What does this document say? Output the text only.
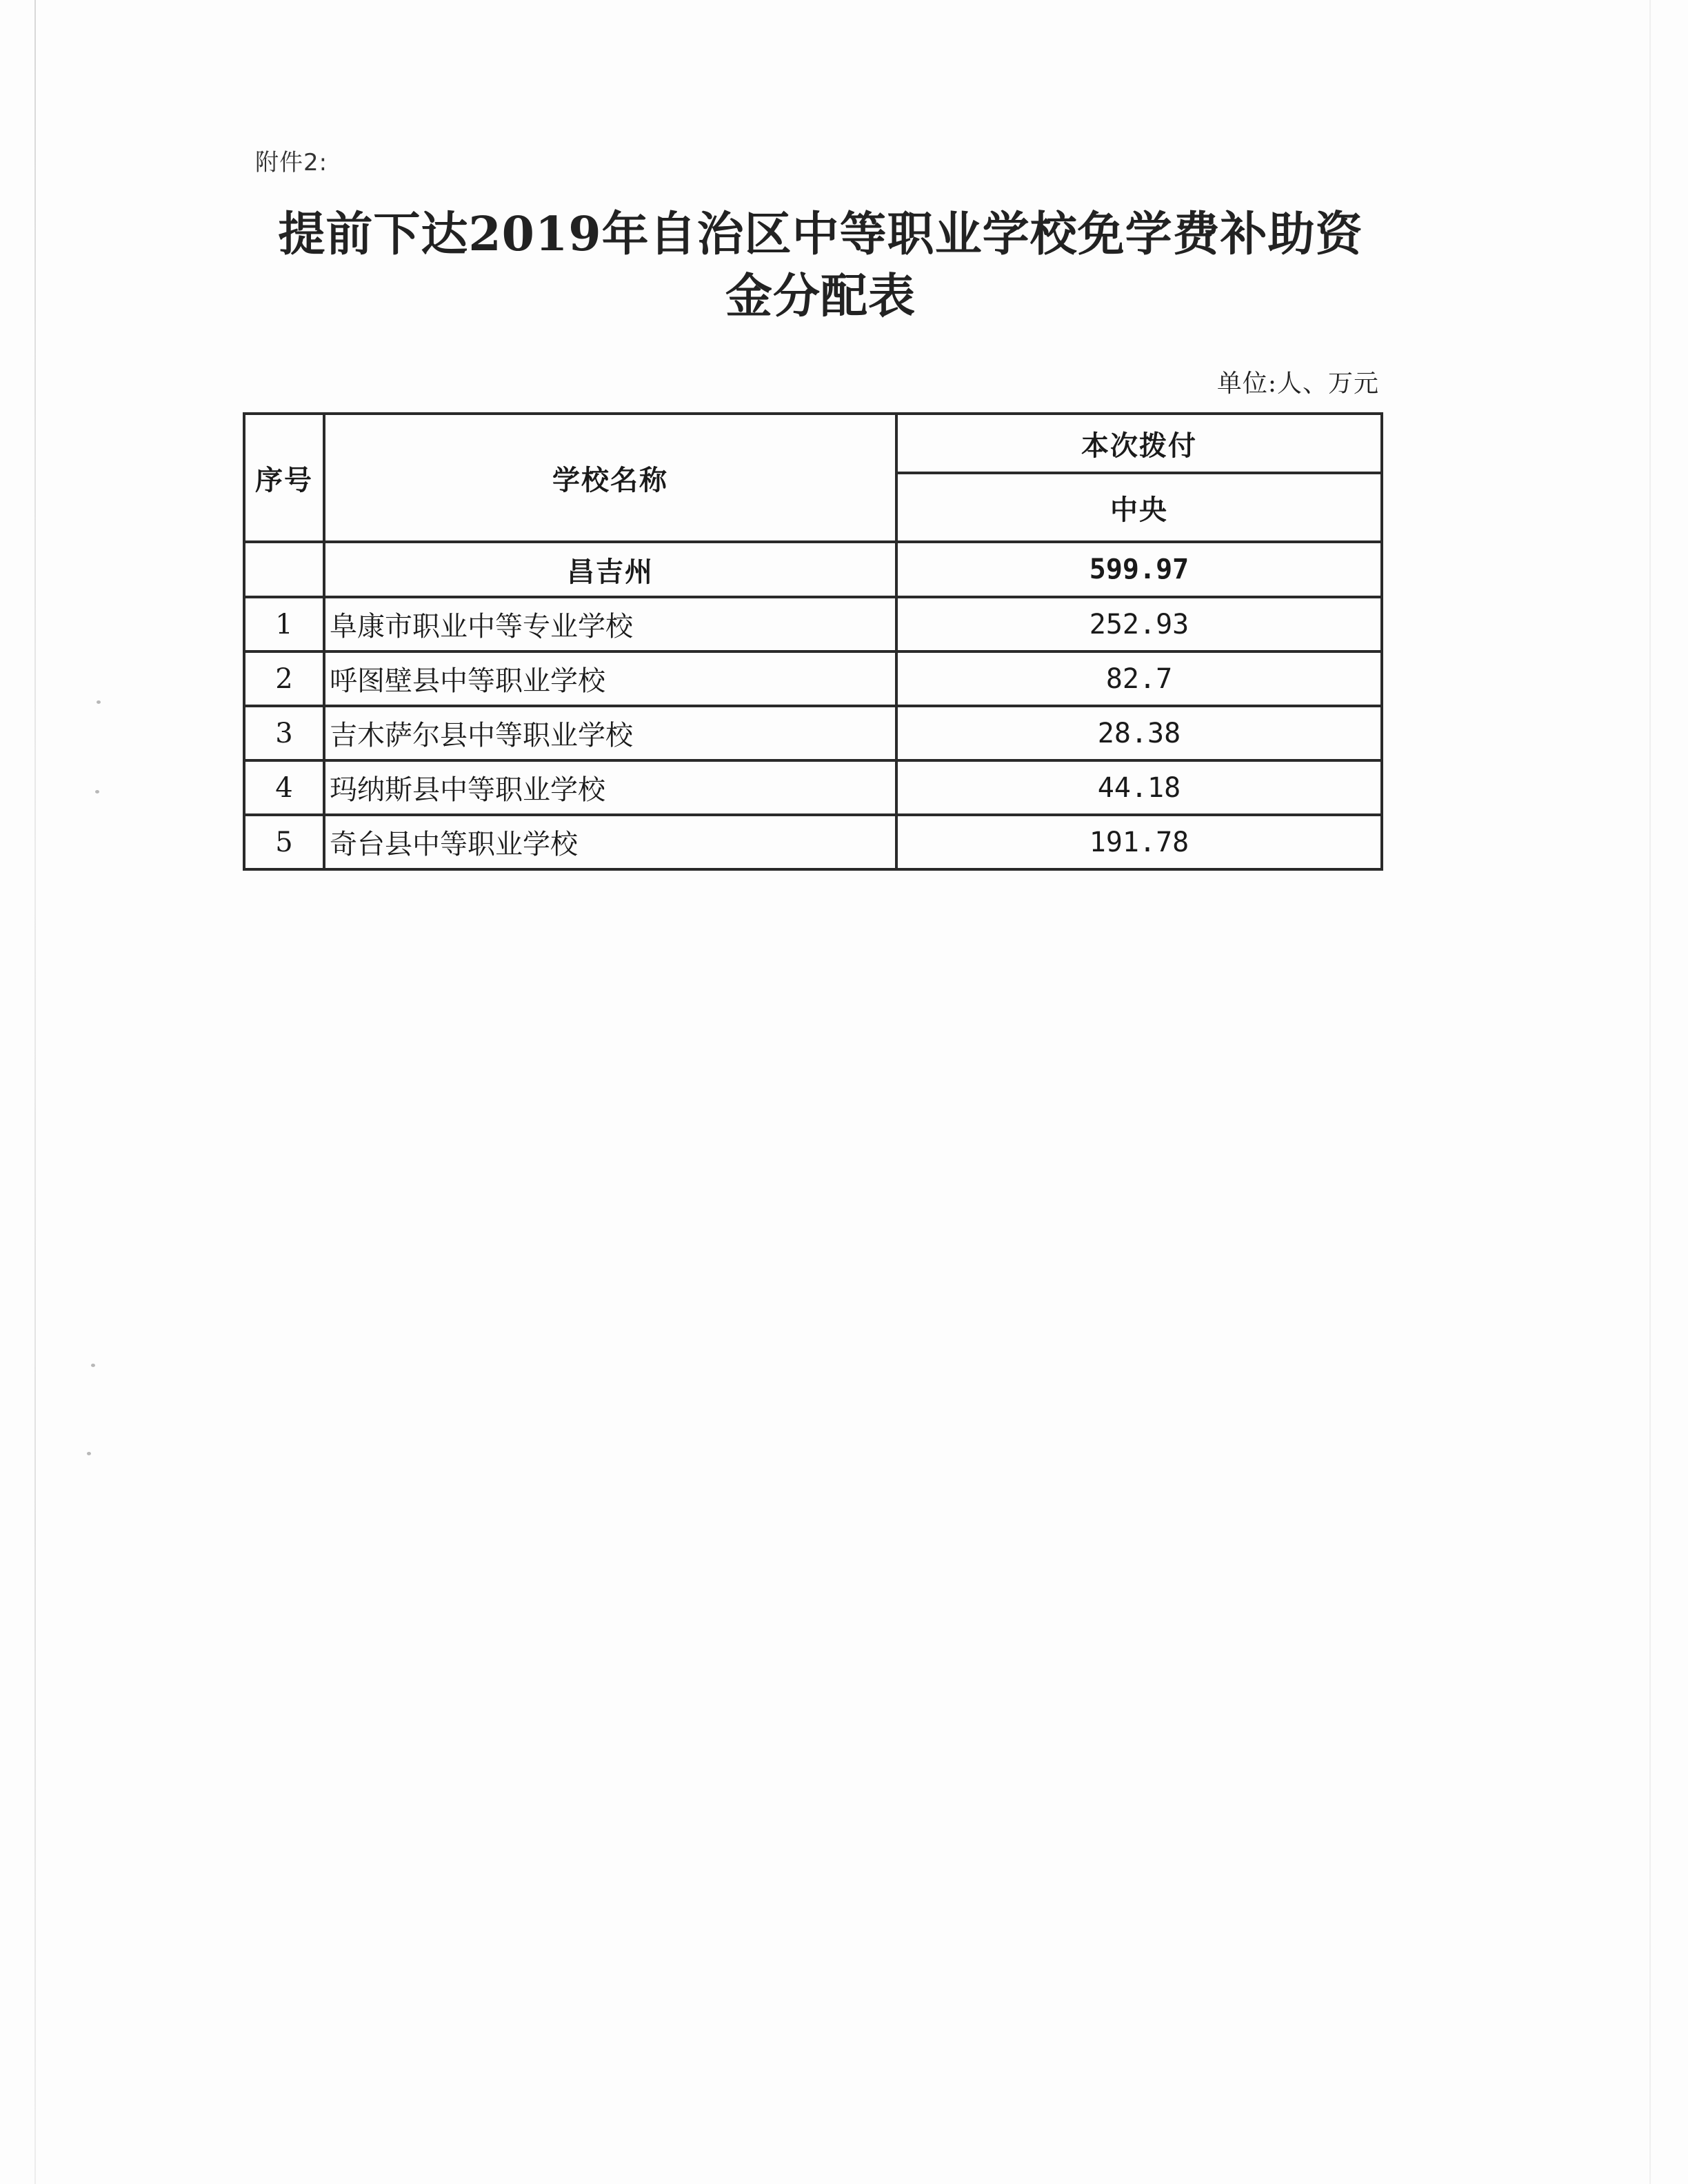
附件2:
提前下达2019年自治区中等职业学校免学费补助资
金分配表
单位:人、万元
序号	学校名称	本次拨付
		中央
	昌吉州	599.97
1	阜康市职业中等专业学校	252.93
2	呼图壁县中等职业学校	82.7
3	吉木萨尔县中等职业学校	28.38
4	玛纳斯县中等职业学校	44.18
5	奇台县中等职业学校	191.78
